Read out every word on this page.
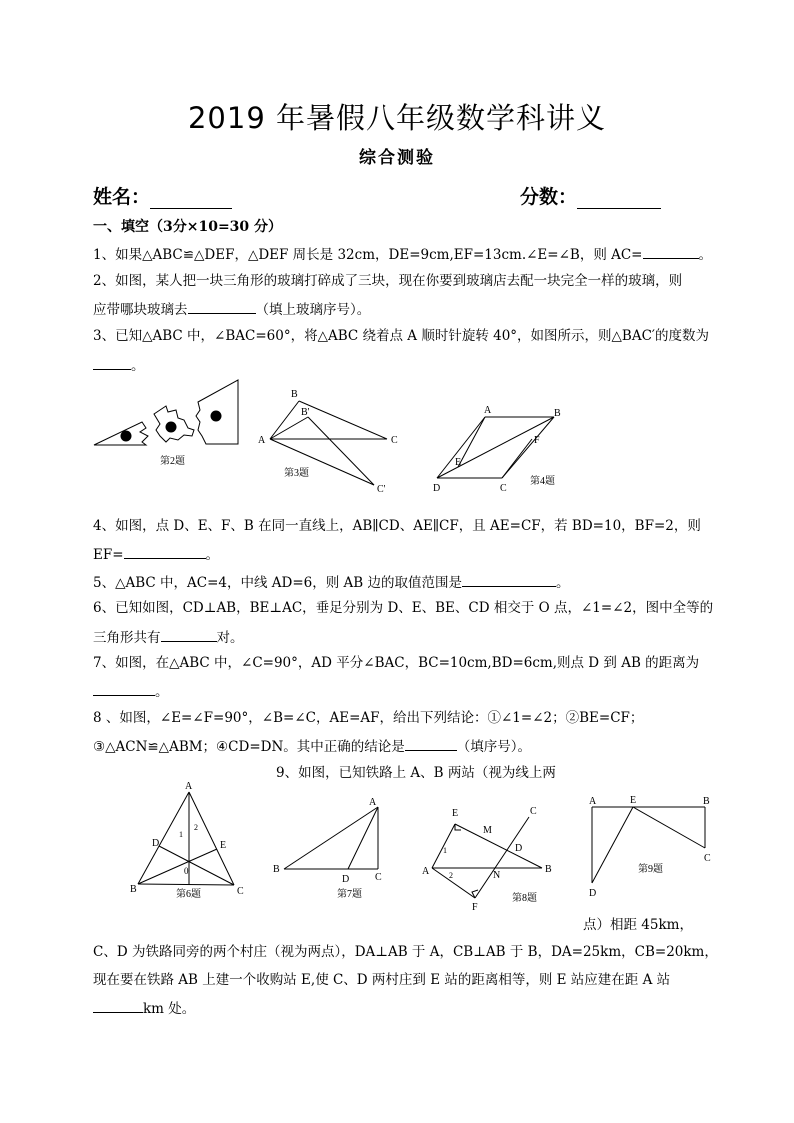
2019 年暑假八年级数学科讲义
综合测验
姓名：	分数：
一、填空（3分×10=30 分）
1、如果△ABC≌△DEF，△DEF 周长是 32cm，DE=9cm,EF=13cm.∠E=∠B，则 AC=	。
2、如图，某人把一块三角形的玻璃打碎成了三块，现在你要到玻璃店去配一块完全一样的玻璃，则
应带哪块玻璃去	（填上玻璃序号）。
3、已知△ABC 中，∠BAC=60°，将△ABC 绕着点 A 顺时针旋转 40°，如图所示，则△BAC′的度数为
。
①
②
③
第2题
B
B'
A	C
C'
第3题
A	B
F
E
D	C
第4题
4、如图，点 D、E、F、B 在同一直线上，AB∥CD、AE∥CF，且 AE=CF，若 BD=10，BF=2，则
EF=	。
5、△ABC 中，AC=4，中线 AD=6，则 AB 边的取值范围是	。
6、已知如图，CD⊥AB，BE⊥AC，垂足分别为 D、E、BE、CD 相交于 O 点，∠1=∠2，图中全等的
三角形共有	对。
7、如图，在△ABC 中，∠C=90°，AD 平分∠BAC，BC=10cm,BD=6cm,则点 D 到 AB 的距离为
。
8 、如图，∠E=∠F=90°，∠B=∠C，AE=AF，给出下列结论：①∠1=∠2；②BE=CF；
③△ACN≌△ABM；④CD=DN。其中正确的结论是	（填序号）。
9、如图，已知铁路上 A、B 两站（视为线上两
A
1
2
D	E
0
B	C
第6题
A
B
D	C
第7题
E	C
M
1	D
A 2	N
B
F
第8题
A	E	B
C
D
第9题
点）相距 45km，
C、D 为铁路同旁的两个村庄（视为两点），DA⊥AB 于 A，CB⊥AB 于 B，DA=25km，CB=20km，
现在要在铁路 AB 上建一个收购站 E,使 C、D 两村庄到 E 站的距离相等，则 E 站应建在距 A 站
km 处。
